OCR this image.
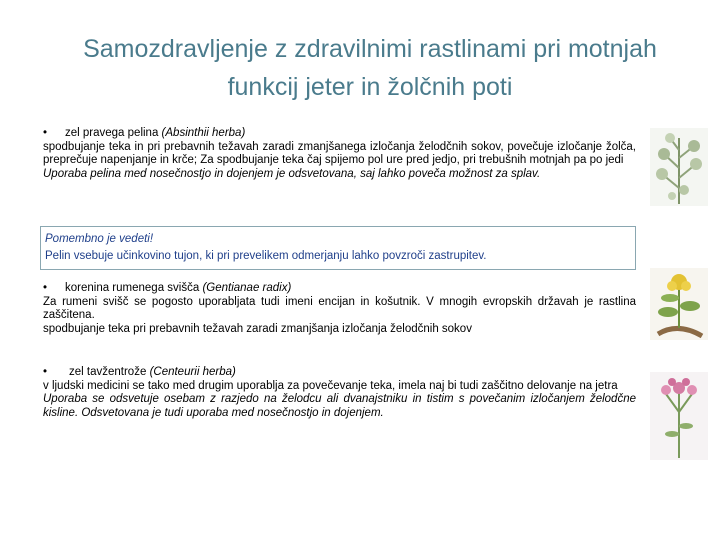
Samozdravljenje z zdravilnimi rastlinami pri motnjah funkcij jeter in žolčnih poti
•	zel pravega pelina (Absinthii herba)

spodbujanje teka in pri prebavnih težavah zaradi zmanjšanega izločanja želodčnih sokov, povečuje izločanje žolča, preprečuje napenjanje in krče; Za spodbujanje teka čaj spijemo pol ure pred jedjo, pri trebušnih motnjah pa po jedi

Uporaba pelina med nosečnostjo in dojenjem je odsvetovana, saj lahko poveča možnost za splav.

Pomembno je vedeti!
Pelin vsebuje učinkovino tujon, ki pri prevelikem odmerjanju lahko povzroči zastrupitev.
•	korenina rumenega svišča (Gentianae radix)

Za rumeni svišč se pogosto uporabljata tudi imeni encijan in košutnik. V mnogih evropskih državah je rastlina zaščitena.

spodbujanje teka pri prebavnih težavah zaradi zmanjšanja izločanja želodčnih sokov

•	zel tavžentrože (Centeurii herba)

v ljudski medicini se tako med drugim uporablja za povečevanje teka, imela naj bi tudi zaščitno delovanje na jetra

Uporaba se odsvetuje osebam z razjedo na želodcu ali dvanajstniku in tistim s povečanim izločanjem želodčne kisline. Odsvetovana je tudi uporaba med nosečnostjo in dojenjem.
